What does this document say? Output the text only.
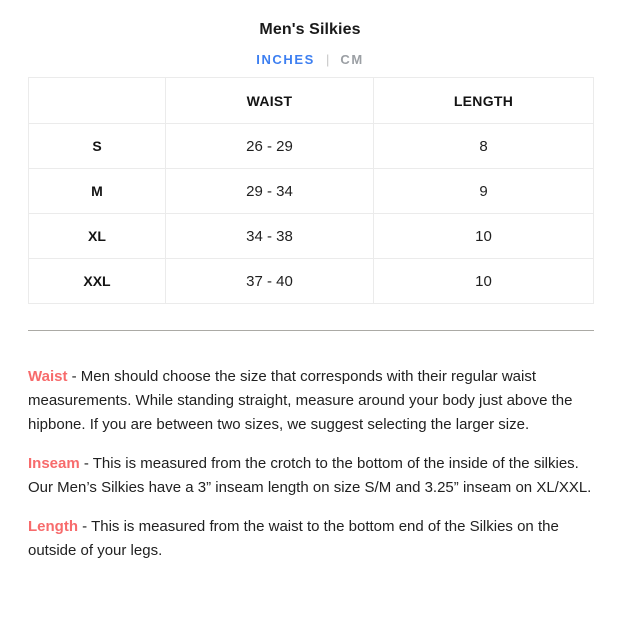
Men's Silkies
INCHES | CM
	WAIST	LENGTH
S	26 - 29	8
M	29 - 34	9
XL	34 - 38	10
XXL	37 - 40	10

Waist - Men should choose the size that corresponds with their regular waist measurements. While standing straight, measure around your body just above the hipbone. If you are between two sizes, we suggest selecting the larger size.

Inseam - This is measured from the crotch to the bottom of the inside of the silkies. Our Men’s Silkies have a 3” inseam length on size S/M and 3.25” inseam on XL/XXL.

Length - This is measured from the waist to the bottom end of the Silkies on the outside of your legs.
